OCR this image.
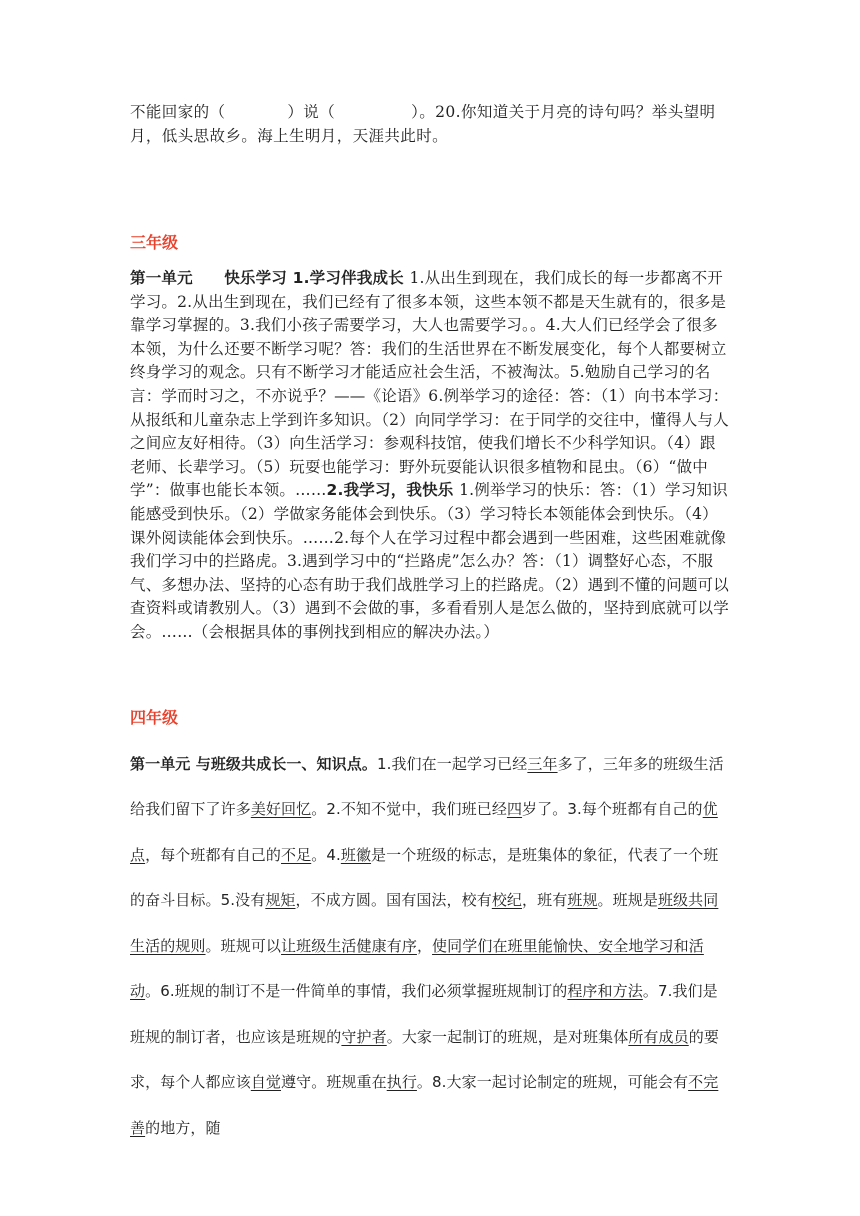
不能回家的（	）说（	）。20.你知道关于月亮的诗句吗？举头望明月，低头思故乡。海上生明月，天涯共此时。

三年级

第一单元　　快乐学习 1.学习伴我成长 1.从出生到现在，我们成长的每一步都离不开学习。2.从出生到现在，我们已经有了很多本领，这些本领不都是天生就有的，很多是靠学习掌握的。3.我们小孩子需要学习，大人也需要学习。。4.大人们已经学会了很多本领，为什么还要不断学习呢？答：我们的生活世界在不断发展变化，每个人都要树立终身学习的观念。只有不断学习才能适应社会生活，不被淘汰。5.勉励自己学习的名言：学而时习之，不亦说乎？——《论语》6.例举学习的途径：答：（1）向书本学习：从报纸和儿童杂志上学到许多知识。（2）向同学学习：在于同学的交往中，懂得人与人之间应友好相待。（3）向生活学习：参观科技馆，使我们增长不少科学知识。（4）跟老师、长辈学习。（5）玩耍也能学习：野外玩耍能认识很多植物和昆虫。（6）“做中学”：做事也能长本领。……2.我学习，我快乐 1.例举学习的快乐：答：（1）学习知识能感受到快乐。（2）学做家务能体会到快乐。（3）学习特长本领能体会到快乐。（4）课外阅读能体会到快乐。……2.每个人在学习过程中都会遇到一些困难，这些困难就像我们学习中的拦路虎。3.遇到学习中的“拦路虎”怎么办？答：（1）调整好心态，不服气、多想办法、坚持的心态有助于我们战胜学习上的拦路虎。（2）遇到不懂的问题可以查资料或请教别人。（3）遇到不会做的事，多看看别人是怎么做的，坚持到底就可以学会。……（会根据具体的事例找到相应的解决办法。）

四年级

第一单元 与班级共成长一、知识点。1.我们在一起学习已经三年多了，三年多的班级生活给我们留下了许多美好回忆。2.不知不觉中，我们班已经四岁了。3.每个班都有自己的优点，每个班都有自己的不足。4.班徽是一个班级的标志，是班集体的象征，代表了一个班的奋斗目标。5.没有规矩，不成方圆。国有国法，校有校纪，班有班规。班规是班级共同生活的规则。班规可以让班级生活健康有序，使同学们在班里能愉快、安全地学习和活动。6.班规的制订不是一件简单的事情，我们必须掌握班规制订的程序和方法。7.我们是班规的制订者，也应该是班规的守护者。大家一起制订的班规，是对班集体所有成员的要求，每个人都应该自觉遵守。班规重在执行。8.大家一起讨论制定的班规，可能会有不完善的地方，随
